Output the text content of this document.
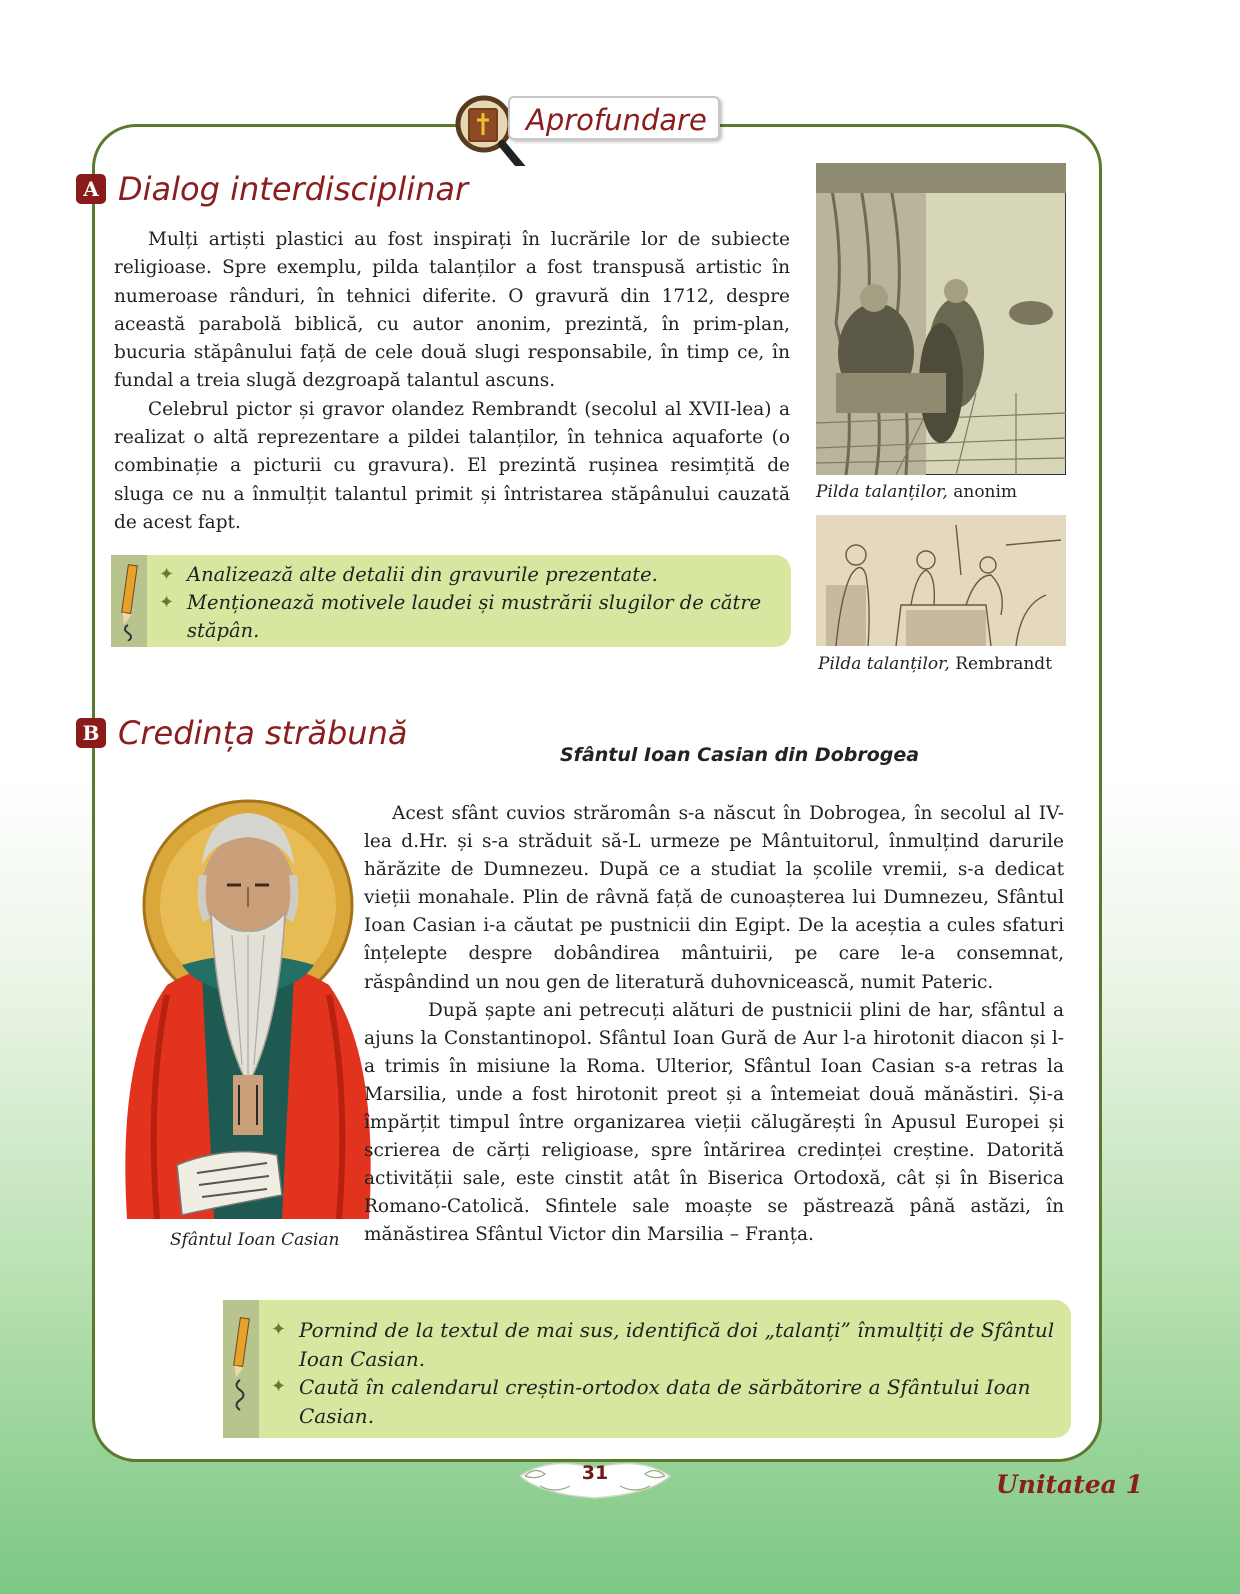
Aprofundare
A Dialog interdisciplinar

Mulți artiști plastici au fost inspirați în lucrările lor de subiecte religioase. Spre exemplu, pilda talanților a fost transpusă artistic în numeroase rânduri, în tehnici diferite. O gravură din 1712, despre această parabolă biblică, cu autor anonim, prezintă, în prim-plan, bucuria stăpânului față de cele două slugi responsabile, în timp ce, în fundal a treia slugă dezgroapă talantul ascuns.

Celebrul pictor și gravor olandez Rembrandt (secolul al XVII-lea) a realizat o altă reprezentare a pildei talanților, în tehnica aquaforte (o combinație a picturii cu gravura). El prezintă rușinea resimțită de sluga ce nu a înmulțit talantul primit și întristarea stăpânului cauzată de acest fapt.

Pilda talanților, anonim
Pilda talanților, Rembrandt
✦ Analizează alte detalii din gravurile prezentate.
✦ Menționează motivele laudei și mustrării slugilor de către stăpân.
B Credința străbună
Sfântul Ioan Casian din Dobrogea
Sfântul Ioan Casian

Acest sfânt cuvios străromân s-a născut în Dobrogea, în secolul al IV-lea d.Hr. și s-a străduit să-L urmeze pe Mântuitorul, înmulțind darurile hărăzite de Dumnezeu. După ce a studiat la școlile vremii, s-a dedicat vieții monahale. Plin de râvnă față de cunoașterea lui Dumnezeu, Sfântul Ioan Casian i-a căutat pe pustnicii din Egipt. De la aceștia a cules sfaturi înțelepte despre dobândirea mântuirii, pe care le-a consemnat, răspândind un nou gen de literatură duhovnicească, numit Pateric.

După șapte ani petrecuți alături de pustnicii plini de har, sfântul a ajuns la Constantinopol. Sfântul Ioan Gură de Aur l-a hirotonit diacon și l-a trimis în misiune la Roma. Ulterior, Sfântul Ioan Casian s-a retras la Marsilia, unde a fost hirotonit preot și a întemeiat două mănăstiri. Și-a împărțit timpul între organizarea vieții călugărești în Apusul Europei și scrierea de cărți religioase, spre întărirea credinței creștine. Datorită activității sale, este cinstit atât în Biserica Ortodoxă, cât și în Biserica Romano-Catolică. Sfintele sale moaște se păstrează până astăzi, în mănăstirea Sfântul Victor din Marsilia – Franța.

✦ Pornind de la textul de mai sus, identifică doi „talanți” înmulțiți de Sfântul Ioan Casian.
✦ Caută în calendarul creștin-ortodox data de sărbătorire a Sfântului Ioan Casian.
31	Unitatea 1
